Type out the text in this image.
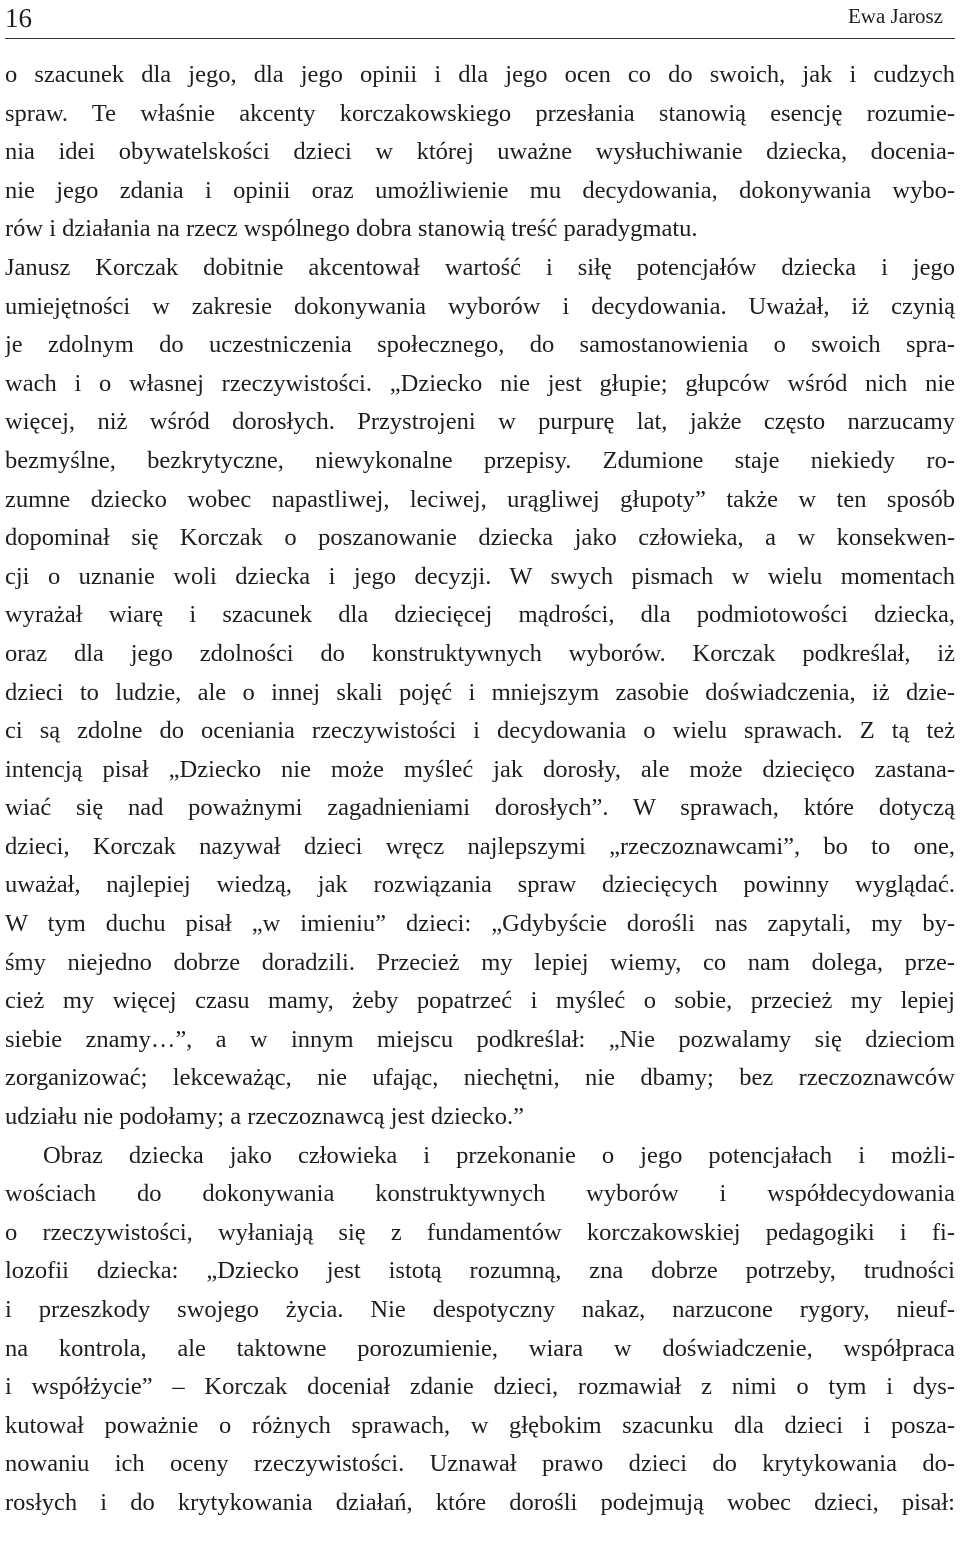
16	Ewa Jarosz
o szacunek dla jego, dla jego opinii i dla jego ocen co do swoich, jak i cudzych
spraw. Te właśnie akcenty korczakowskiego przesłania stanowią esencję rozumie-
nia idei obywatelskości dzieci w której uważne wysłuchiwanie dziecka, docenia-
nie jego zdania i opinii oraz umożliwienie mu decydowania, dokonywania wybo-
rów i działania na rzecz wspólnego dobra stanowią treść paradygmatu.
Janusz Korczak dobitnie akcentował wartość i siłę potencjałów dziecka i jego
umiejętności w zakresie dokonywania wyborów i decydowania. Uważał, iż czynią
je zdolnym do uczestniczenia społecznego, do samostanowienia o swoich spra-
wach i o własnej rzeczywistości. „Dziecko nie jest głupie; głupców wśród nich nie
więcej, niż wśród dorosłych. Przystrojeni w purpurę lat, jakże często narzucamy
bezmyślne, bezkrytyczne, niewykonalne przepisy. Zdumione staje niekiedy ro-
zumne dziecko wobec napastliwej, leciwej, urągliwej głupoty” także w ten sposób
dopominał się Korczak o poszanowanie dziecka jako człowieka, a w konsekwen-
cji o uznanie woli dziecka i jego decyzji. W swych pismach w wielu momentach
wyrażał wiarę i szacunek dla dziecięcej mądrości, dla podmiotowości dziecka,
oraz dla jego zdolności do konstruktywnych wyborów. Korczak podkreślał, iż
dzieci to ludzie, ale o innej skali pojęć i mniejszym zasobie doświadczenia, iż dzie-
ci są zdolne do oceniania rzeczywistości i decydowania o wielu sprawach. Z tą też
intencją pisał „Dziecko nie może myśleć jak dorosły, ale może dziecięco zastana-
wiać się nad poważnymi zagadnieniami dorosłych”. W sprawach, które dotyczą
dzieci, Korczak nazywał dzieci wręcz najlepszymi „rzeczoznawcami”, bo to one,
uważał, najlepiej wiedzą, jak rozwiązania spraw dziecięcych powinny wyglądać.
W tym duchu pisał „w imieniu” dzieci: „Gdybyście dorośli nas zapytali, my by-
śmy niejedno dobrze doradzili. Przecież my lepiej wiemy, co nam dolega, prze-
cież my więcej czasu mamy, żeby popatrzeć i myśleć o sobie, przecież my lepiej
siebie znamy…”, a w innym miejscu podkreślał: „Nie pozwalamy się dzieciom
zorganizować; lekceważąc, nie ufając, niechętni, nie dbamy; bez rzeczoznawców
udziału nie podołamy; a rzeczoznawcą jest dziecko.”
Obraz dziecka jako człowieka i przekonanie o jego potencjałach i możli-
wościach do dokonywania konstruktywnych wyborów i współdecydowania
o rzeczywistości, wyłaniają się z fundamentów korczakowskiej pedagogiki i fi-
lozofii dziecka: „Dziecko jest istotą rozumną, zna dobrze potrzeby, trudności
i przeszkody swojego życia. Nie despotyczny nakaz, narzucone rygory, nieuf-
na kontrola, ale taktowne porozumienie, wiara w doświadczenie, współpraca
i współżycie” – Korczak doceniał zdanie dzieci, rozmawiał z nimi o tym i dys-
kutował poważnie o różnych sprawach, w głębokim szacunku dla dzieci i posza-
nowaniu ich oceny rzeczywistości. Uznawał prawo dzieci do krytykowania do-
rosłych i do krytykowania działań, które dorośli podejmują wobec dzieci, pisał:
